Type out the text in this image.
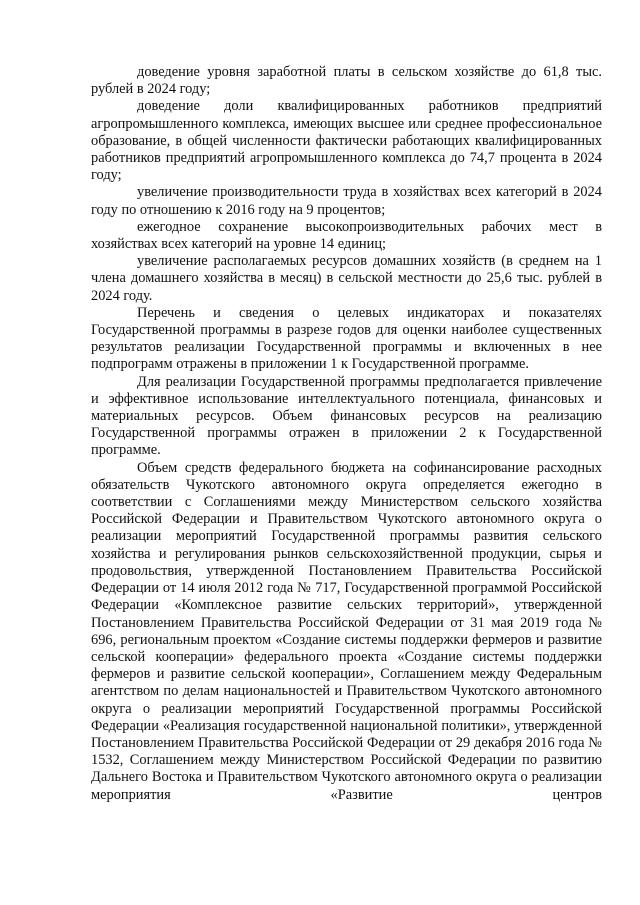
доведение уровня заработной платы в сельском хозяйстве до 61,8 тыс. рублей в 2024 году;

доведение доли квалифицированных работников предприятий агропромышленного комплекса, имеющих высшее или среднее профессиональное образование, в общей численности фактически работающих квалифицированных работников предприятий агропромышленного комплекса до 74,7 процента в 2024 году;

увеличение производительности труда в хозяйствах всех категорий в 2024 году по отношению к 2016 году на 9 процентов;

ежегодное сохранение высокопроизводительных рабочих мест в хозяйствах всех категорий на уровне 14 единиц;

увеличение располагаемых ресурсов домашних хозяйств (в среднем на 1 члена домашнего хозяйства в месяц) в сельской местности до 25,6 тыс. рублей в 2024 году.

Перечень и сведения о целевых индикаторах и показателях Государственной программы в разрезе годов для оценки наиболее существенных результатов реализации Государственной программы и включенных в нее подпрограмм отражены в приложении 1 к Государственной программе.

Для реализации Государственной программы предполагается привлечение и эффективное использование интеллектуального потенциала, финансовых и материальных ресурсов. Объем финансовых ресурсов на реализацию Государственной программы отражен в приложении 2 к Государственной программе.

Объем средств федерального бюджета на софинансирование расходных обязательств Чукотского автономного округа определяется ежегодно в соответствии с Соглашениями между Министерством сельского хозяйства Российской Федерации и Правительством Чукотского автономного округа о реализации мероприятий Государственной программы развития сельского хозяйства и регулирования рынков сельскохозяйственной продукции, сырья и продовольствия, утвержденной Постановлением Правительства Российской Федерации от 14 июля 2012 года № 717, Государственной программой Российской Федерации «Комплексное развитие сельских территорий», утвержденной Постановлением Правительства Российской Федерации от 31 мая 2019 года № 696, региональным проектом «Создание системы поддержки фермеров и развитие сельской кооперации» федерального проекта «Создание системы поддержки фермеров и развитие сельской кооперации», Соглашением между Федеральным агентством по делам национальностей и Правительством Чукотского автономного округа о реализации мероприятий Государственной программы Российской Федерации «Реализация государственной национальной политики», утвержденной Постановлением Правительства Российской Федерации от 29 декабря 2016 года № 1532, Соглашением между Министерством Российской Федерации по развитию Дальнего Востока и Правительством Чукотского автономного округа о реализации мероприятия «Развитие центров
